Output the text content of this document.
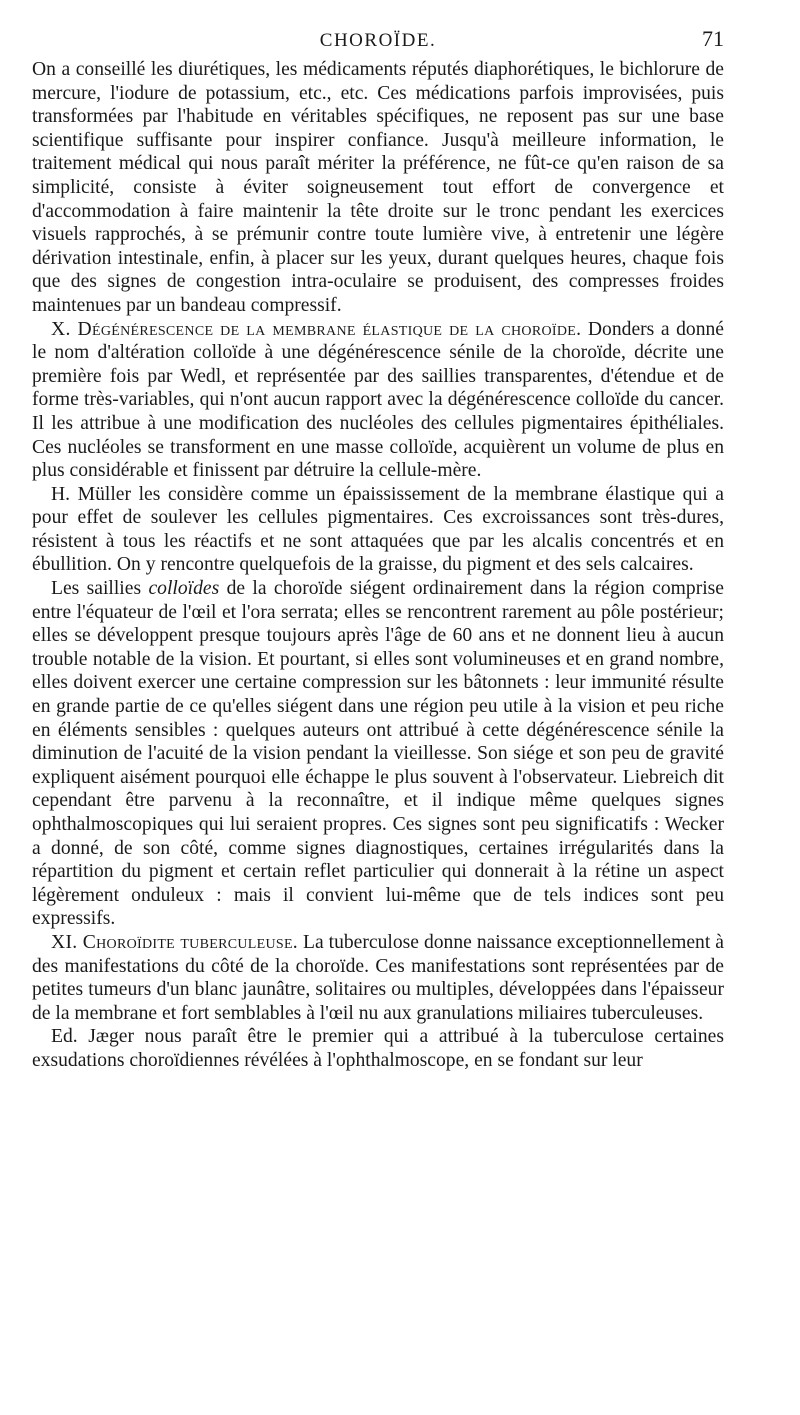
CHOROÏDE.	71

On a conseillé les diurétiques, les médicaments réputés diaphorétiques, le bichlorure de mercure, l'iodure de potassium, etc., etc. Ces médications parfois improvisées, puis transformées par l'habitude en véritables spécifiques, ne reposent pas sur une base scientifique suffisante pour inspirer confiance. Jusqu'à meilleure information, le traitement médical qui nous paraît mériter la préférence, ne fût-ce qu'en raison de sa simplicité, consiste à éviter soigneusement tout effort de convergence et d'accommodation à faire maintenir la tête droite sur le tronc pendant les exercices visuels rapprochés, à se prémunir contre toute lumière vive, à entretenir une légère dérivation intestinale, enfin, à placer sur les yeux, durant quelques heures, chaque fois que des signes de congestion intra-oculaire se produisent, des compresses froides maintenues par un bandeau compressif.

X. Dégénérescence de la membrane élastique de la choroïde. Donders a donné le nom d'altération colloïde à une dégénérescence sénile de la choroïde, décrite une première fois par Wedl, et représentée par des saillies transparentes, d'étendue et de forme très-variables, qui n'ont aucun rapport avec la dégénérescence colloïde du cancer. Il les attribue à une modification des nucléoles des cellules pigmentaires épithéliales. Ces nucléoles se transforment en une masse colloïde, acquièrent un volume de plus en plus considérable et finissent par détruire la cellule-mère.

H. Müller les considère comme un épaississement de la membrane élastique qui a pour effet de soulever les cellules pigmentaires. Ces excroissances sont très-dures, résistent à tous les réactifs et ne sont attaquées que par les alcalis concentrés et en ébullition. On y rencontre quelquefois de la graisse, du pigment et des sels calcaires.

Les saillies colloïdes de la choroïde siégent ordinairement dans la région comprise entre l'équateur de l'œil et l'ora serrata; elles se rencontrent rarement au pôle postérieur; elles se développent presque toujours après l'âge de 60 ans et ne donnent lieu à aucun trouble notable de la vision. Et pourtant, si elles sont volumineuses et en grand nombre, elles doivent exercer une certaine compression sur les bâtonnets : leur immunité résulte en grande partie de ce qu'elles siégent dans une région peu utile à la vision et peu riche en éléments sensibles : quelques auteurs ont attribué à cette dégénérescence sénile la diminution de l'acuité de la vision pendant la vieillesse. Son siége et son peu de gravité expliquent aisément pourquoi elle échappe le plus souvent à l'observateur. Liebreich dit cependant être parvenu à la reconnaître, et il indique même quelques signes ophthalmoscopiques qui lui seraient propres. Ces signes sont peu significatifs : Wecker a donné, de son côté, comme signes diagnostiques, certaines irrégularités dans la répartition du pigment et certain reflet particulier qui donnerait à la rétine un aspect légèrement onduleux : mais il convient lui-même que de tels indices sont peu expressifs.

XI. Choroïdite tuberculeuse. La tuberculose donne naissance exceptionnellement à des manifestations du côté de la choroïde. Ces manifestations sont représentées par de petites tumeurs d'un blanc jaunâtre, solitaires ou multiples, développées dans l'épaisseur de la membrane et fort semblables à l'œil nu aux granulations miliaires tuberculeuses.

Ed. Jæger nous paraît être le premier qui a attribué à la tuberculose certaines exsudations choroïdiennes révélées à l'ophthalmoscope, en se fondant sur leur
